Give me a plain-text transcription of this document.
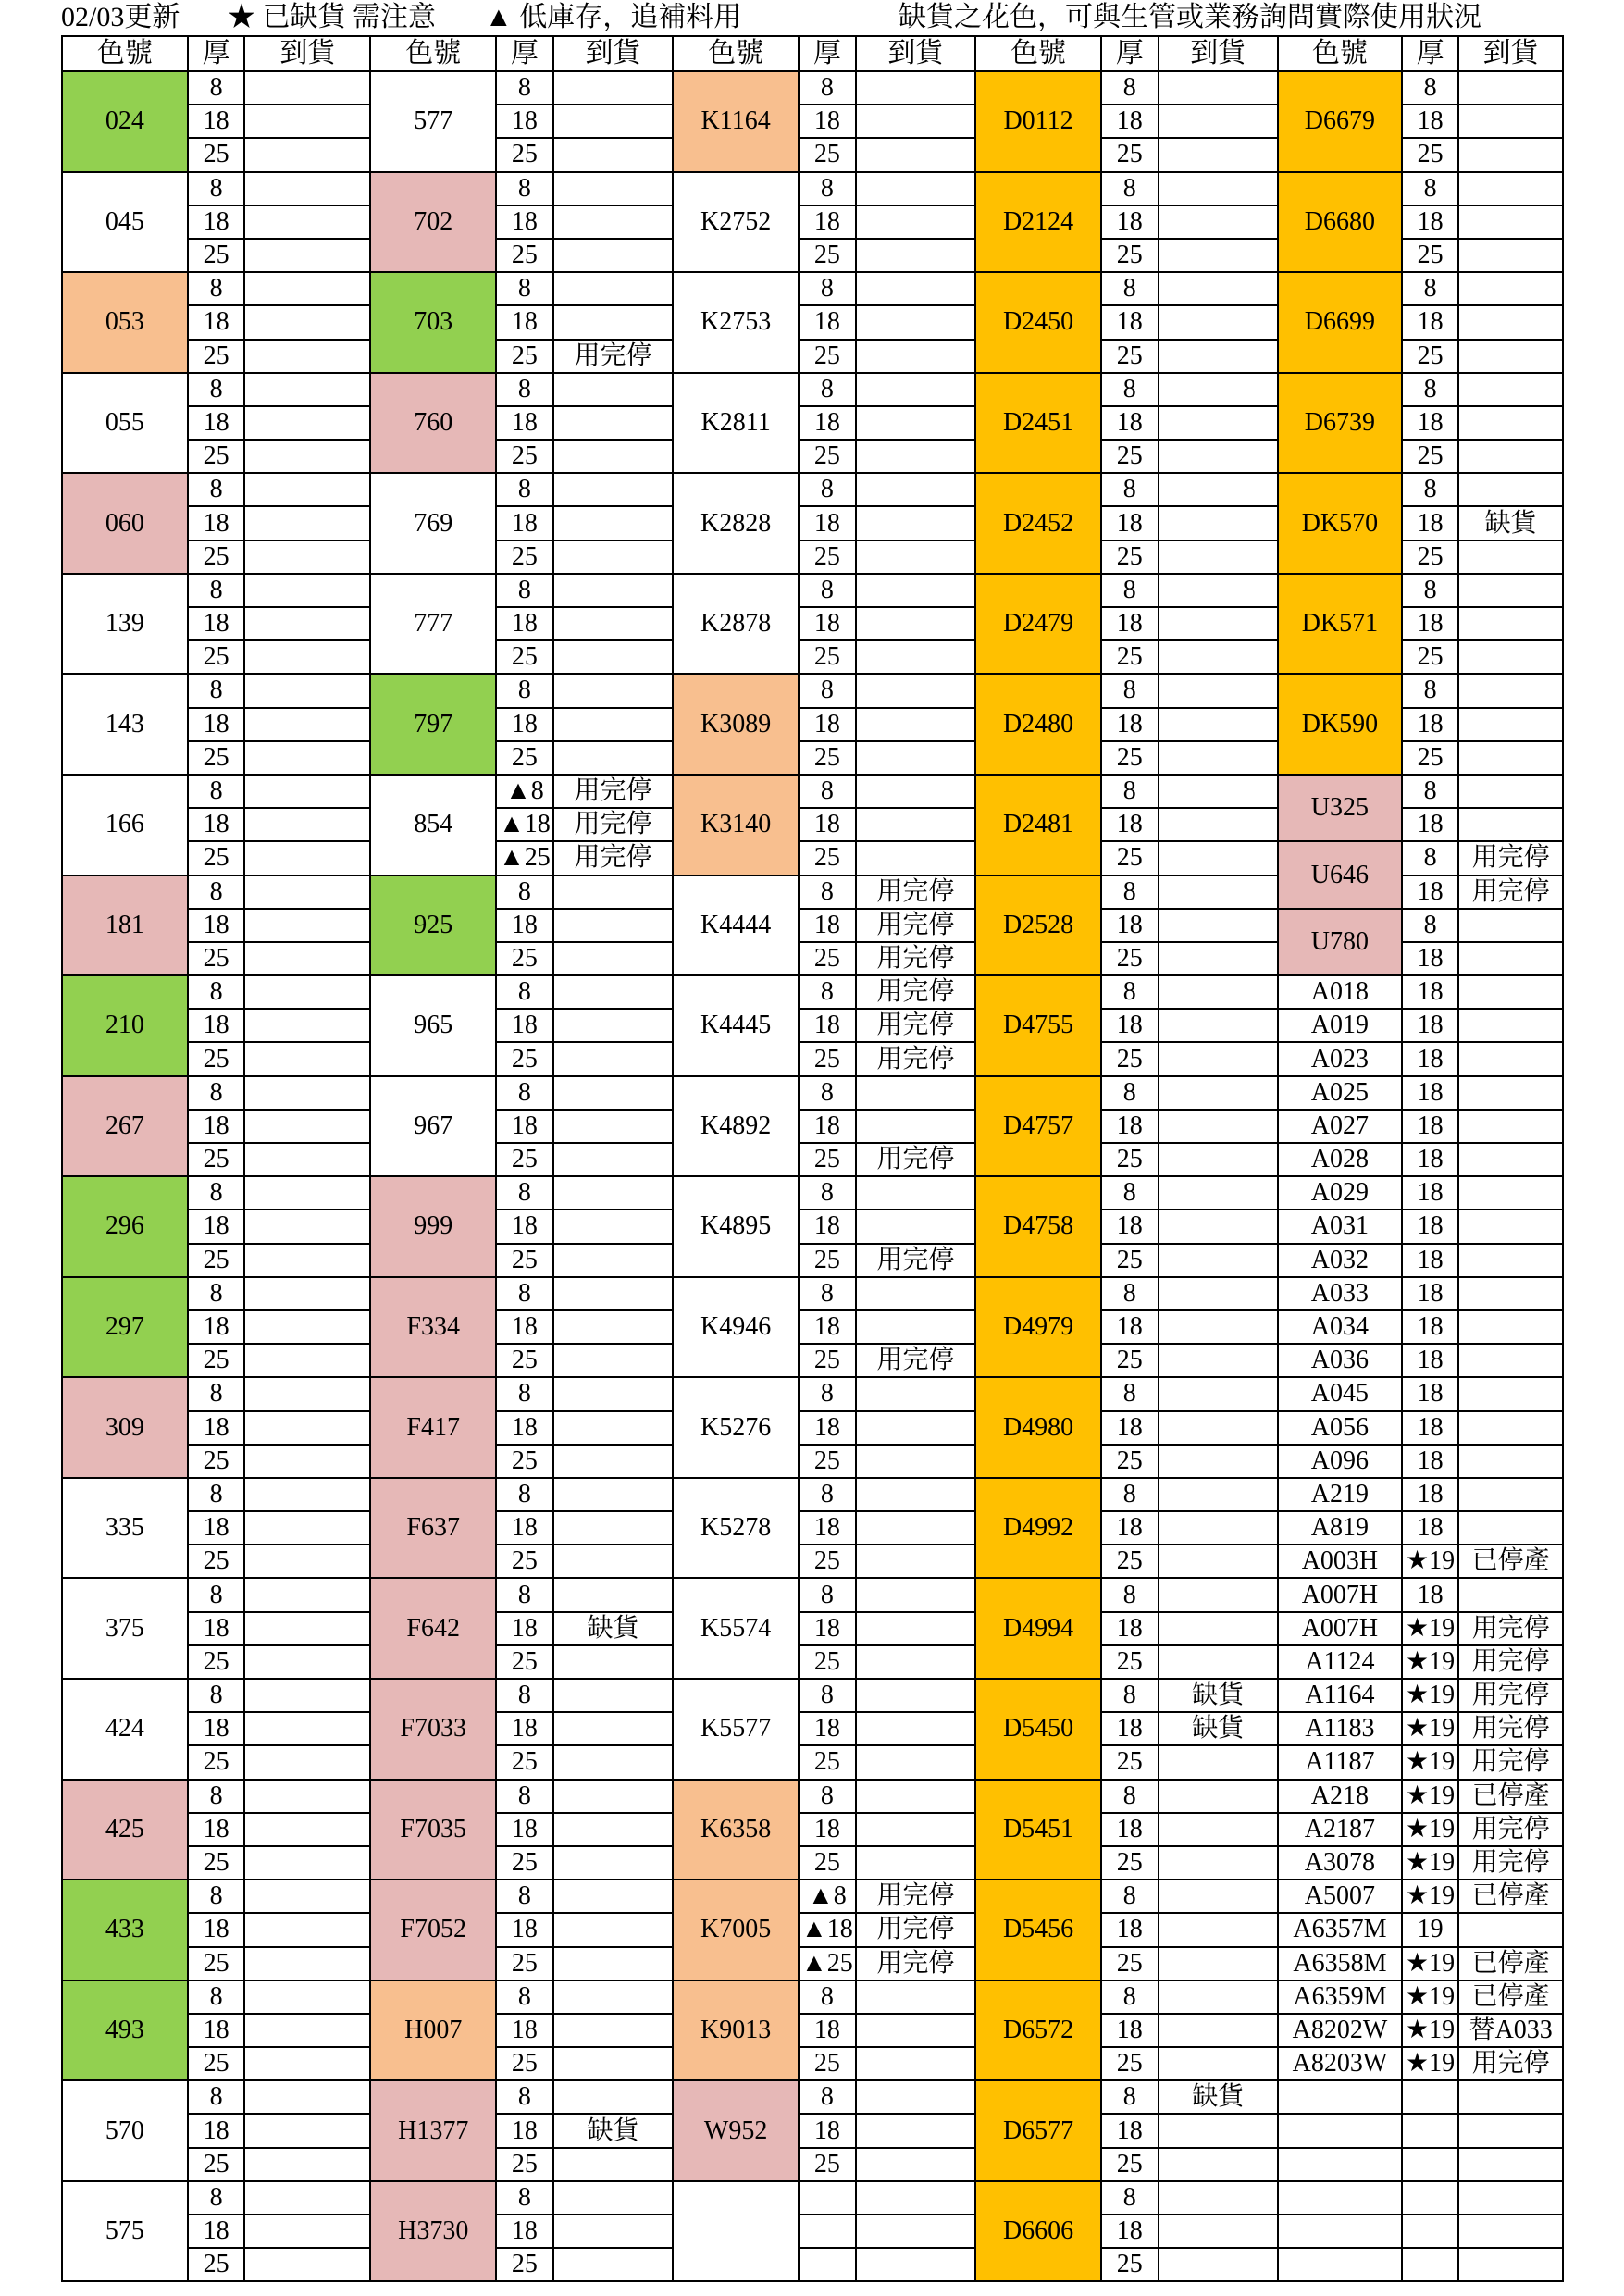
02/03更新 ★ 已缺貨 需注意 ▲ 低庫存，追補料用	缺貨之花色，可與生管或業務詢問實際使用狀況
色號	厚	到貨	色號	厚	到貨	色號	厚	到貨	色號	厚	到貨	色號	厚	到貨
024	8		577	8		K1164	8		D0112	8		D6679	8	
	18			18			18			18			18	
	25			25			25			25			25	
045	8		702	8		K2752	8		D2124	8		D6680	8	
	18			18			18			18			18	
	25			25			25			25			25	
053	8		703	8		K2753	8		D2450	8		D6699	8	
	18			18			18			18			18	
	25			25	用完停		25			25			25	
055	8		760	8		K2811	8		D2451	8		D6739	8	
	18			18			18			18			18	
	25			25			25			25			25	
060	8		769	8		K2828	8		D2452	8		DK570	8	
	18			18			18			18			18	缺貨
	25			25			25			25			25	
139	8		777	8		K2878	8		D2479	8		DK571	8	
	18			18			18			18			18	
	25			25			25			25			25	
143	8		797	8		K3089	8		D2480	8		DK590	8	
	18			18			18			18			18	
	25			25			25			25			25	
166	8		854	▲8	用完停	K3140	8		D2481	8		U325	8	
	18			▲18	用完停		18			18			18	
	25			▲25	用完停		25			25		U646	8	用完停
181	8		925	8		K4444	8	用完停	D2528	8			18	用完停
	18			18			18	用完停		18		U780	8	
	25			25			25	用完停		25			18	
210	8		965	8		K4445	8	用完停	D4755	8		A018	18	
	18			18			18	用完停		18		A019	18	
	25			25			25	用完停		25		A023	18	
267	8		967	8		K4892	8		D4757	8		A025	18	
	18			18			18			18		A027	18	
	25			25			25	用完停		25		A028	18	
296	8		999	8		K4895	8		D4758	8		A029	18	
	18			18			18			18		A031	18	
	25			25			25	用完停		25		A032	18	
297	8		F334	8		K4946	8		D4979	8		A033	18	
	18			18			18			18		A034	18	
	25			25			25	用完停		25		A036	18	
309	8		F417	8		K5276	8		D4980	8		A045	18	
	18			18			18			18		A056	18	
	25			25			25			25		A096	18	
335	8		F637	8		K5278	8		D4992	8		A219	18	
	18			18			18			18		A819	18	
	25			25			25			25		A003H	★19	已停產
375	8		F642	8		K5574	8		D4994	8		A007H	18	
	18			18	缺貨		18			18		A007H	★19	用完停
	25			25			25			25		A1124	★19	用完停
424	8		F7033	8		K5577	8		D5450	8	缺貨	A1164	★19	用完停
	18			18			18			18	缺貨	A1183	★19	用完停
	25			25			25			25		A1187	★19	用完停
425	8		F7035	8		K6358	8		D5451	8		A218	★19	已停產
	18			18			18			18		A2187	★19	用完停
	25			25			25			25		A3078	★19	用完停
433	8		F7052	8		K7005	▲8	用完停	D5456	8		A5007	★19	已停產
	18			18			▲18	用完停		18		A6357M	19	
	25			25			▲25	用完停		25		A6358M	★19	已停產
493	8		H007	8		K9013	8		D6572	8		A6359M	★19	已停產
	18			18			18			18		A8202W	★19	替A033
	25			25			25			25		A8203W	★19	用完停
570	8		H1377	8		W952	8		D6577	8	缺貨			
	18			18	缺貨		18			18				
	25			25			25			25				
575	8		H3730	8					D6606	8				
	18			18						18				
	25			25						25				
